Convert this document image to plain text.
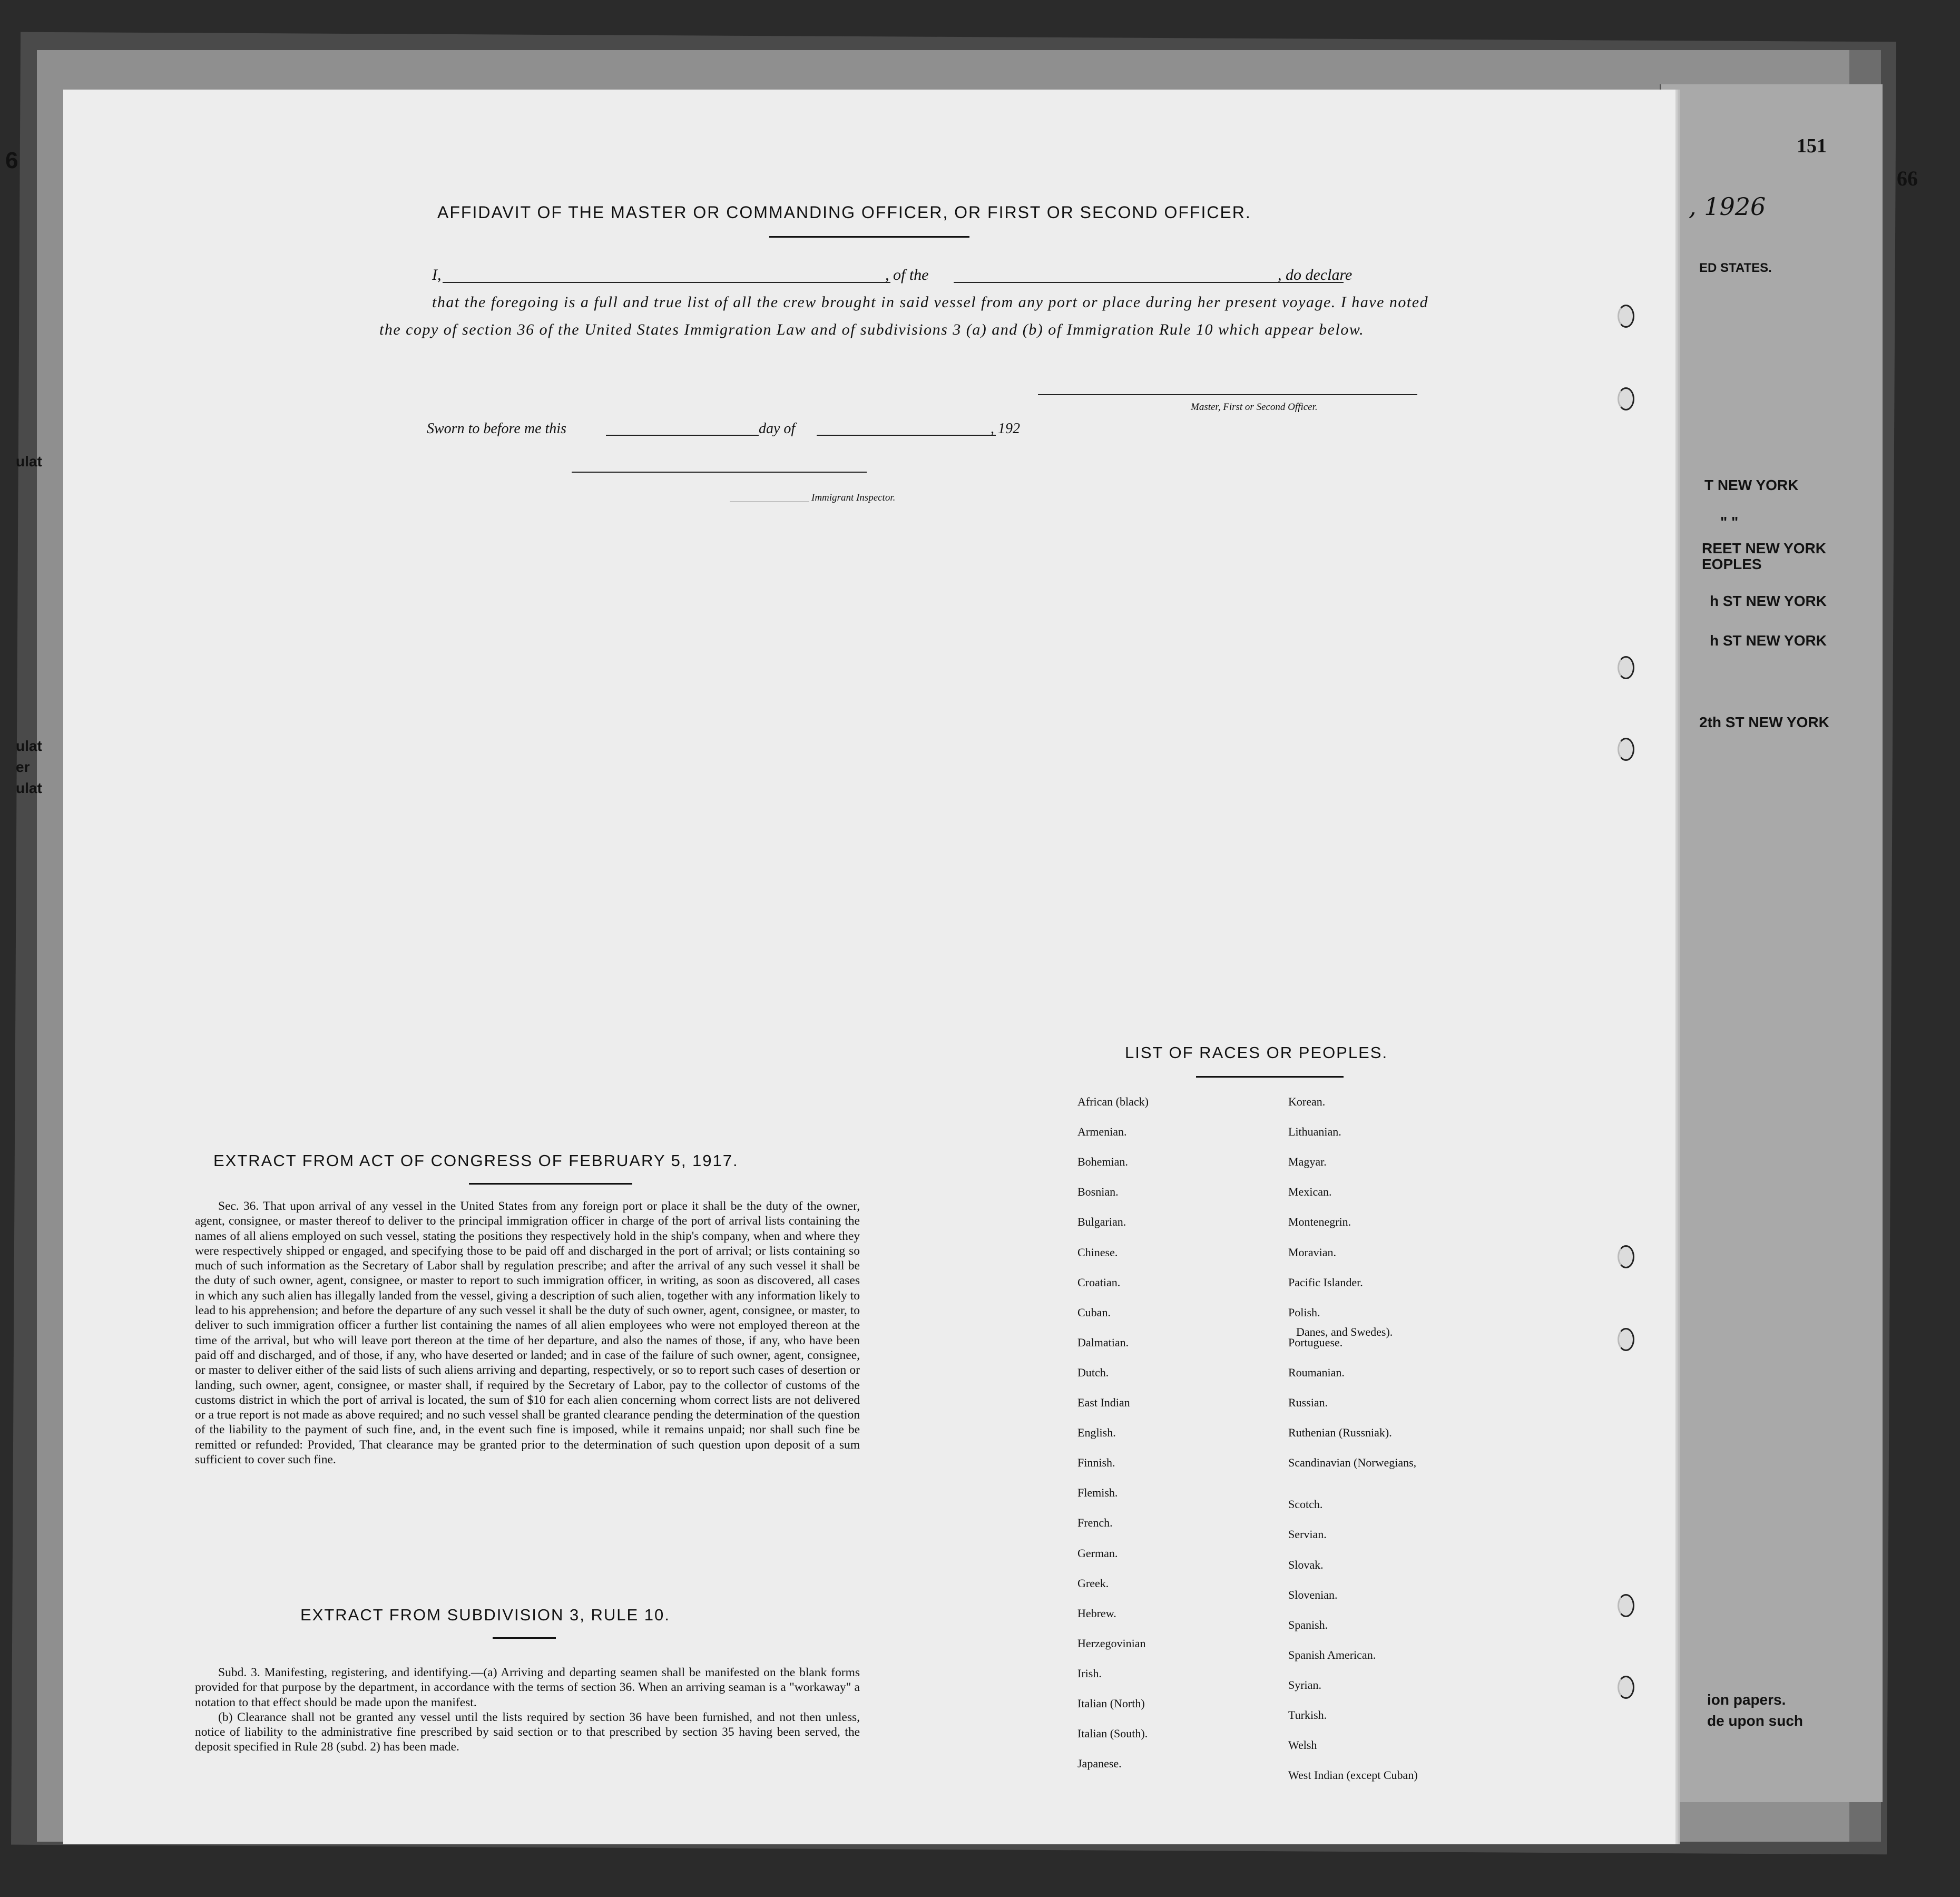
66
, 1926
ED STATES.
T NEW YORK
" "
REET NEW YORK
EOPLES
h ST NEW YORK
h ST NEW YORK
2th ST NEW YORK
ion papers.
de upon such
6
ulat
ulat
er
ulat
151
AFFIDAVIT OF THE MASTER OR COMMANDING OFFICER, OR FIRST OR SECOND OFFICER.
I,	, of the	, do declare
that the foregoing is a full and true list of all the crew brought in said vessel from any port or place during her present voyage. I have noted the copy of section 36 of the United States Immigration Law and of subdivisions 3 (a) and (b) of Immigration Rule 10 which appear below.
Master, First or Second Officer.
Sworn to before me this	day of	, 192
Immigrant Inspector.
EXTRACT FROM ACT OF CONGRESS OF FEBRUARY 5, 1917.

Sec. 36. That upon arrival of any vessel in the United States from any foreign port or place it shall be the duty of the owner, agent, consignee, or master thereof to deliver to the principal immigration officer in charge of the port of arrival lists containing the names of all aliens employed on such vessel, stating the positions they respectively hold in the ship's company, when and where they were respectively shipped or engaged, and specifying those to be paid off and discharged in the port of arrival; or lists containing so much of such information as the Secretary of Labor shall by regulation prescribe; and after the arrival of any such vessel it shall be the duty of such owner, agent, consignee, or master to report to such immigration officer, in writing, as soon as discovered, all cases in which any such alien has illegally landed from the vessel, giving a description of such alien, together with any information likely to lead to his apprehension; and before the departure of any such vessel it shall be the duty of such owner, agent, consignee, or master, to deliver to such immigration officer a further list containing the names of all alien employees who were not employed thereon at the time of the arrival, but who will leave port thereon at the time of her departure, and also the names of those, if any, who have been paid off and discharged, and of those, if any, who have deserted or landed; and in case of the failure of such owner, agent, consignee, or master to deliver either of the said lists of such aliens arriving and departing, respectively, or so to report such cases of desertion or landing, such owner, agent, consignee, or master shall, if required by the Secretary of Labor, pay to the collector of customs of the customs district in which the port of arrival is located, the sum of $10 for each alien concerning whom correct lists are not delivered or a true report is not made as above required; and no such vessel shall be granted clearance pending the determination of the question of the liability to the payment of such fine, and, in the event such fine is imposed, while it remains unpaid; nor shall such fine be remitted or refunded: Provided, That clearance may be granted prior to the determination of such question upon deposit of a sum sufficient to cover such fine.

EXTRACT FROM SUBDIVISION 3, RULE 10.

Subd. 3. Manifesting, registering, and identifying.—(a) Arriving and departing seamen shall be manifested on the blank forms provided for that purpose by the department, in accordance with the terms of section 36. When an arriving seaman is a "workaway" a notation to that effect should be made upon the manifest.

(b) Clearance shall not be granted any vessel until the lists required by section 36 have been furnished, and not then unless, notice of liability to the administrative fine prescribed by said section or to that prescribed by section 35 having been served, the deposit specified in Rule 28 (subd. 2) has been made.

LIST OF RACES OR PEOPLES.
Danes, and Swedes).
African (black)
Armenian.
Bohemian.
Bosnian.
Bulgarian.
Chinese.
Croatian.
Cuban.
Dalmatian.
Dutch.
East Indian
English.
Finnish.
Flemish.
French.
German.
Greek.
Hebrew.
Herzegovinian
Irish.
Italian (North)
Italian (South).
Japanese.
Korean.
Lithuanian.
Magyar.
Mexican.
Montenegrin.
Moravian.
Pacific Islander.
Polish.
Portuguese.
Roumanian.
Russian.
Ruthenian (Russniak).
Scandinavian (Norwegians,
Scotch.
Servian.
Slovak.
Slovenian.
Spanish.
Spanish American.
Syrian.
Turkish.
Welsh
West Indian (except Cuban)
